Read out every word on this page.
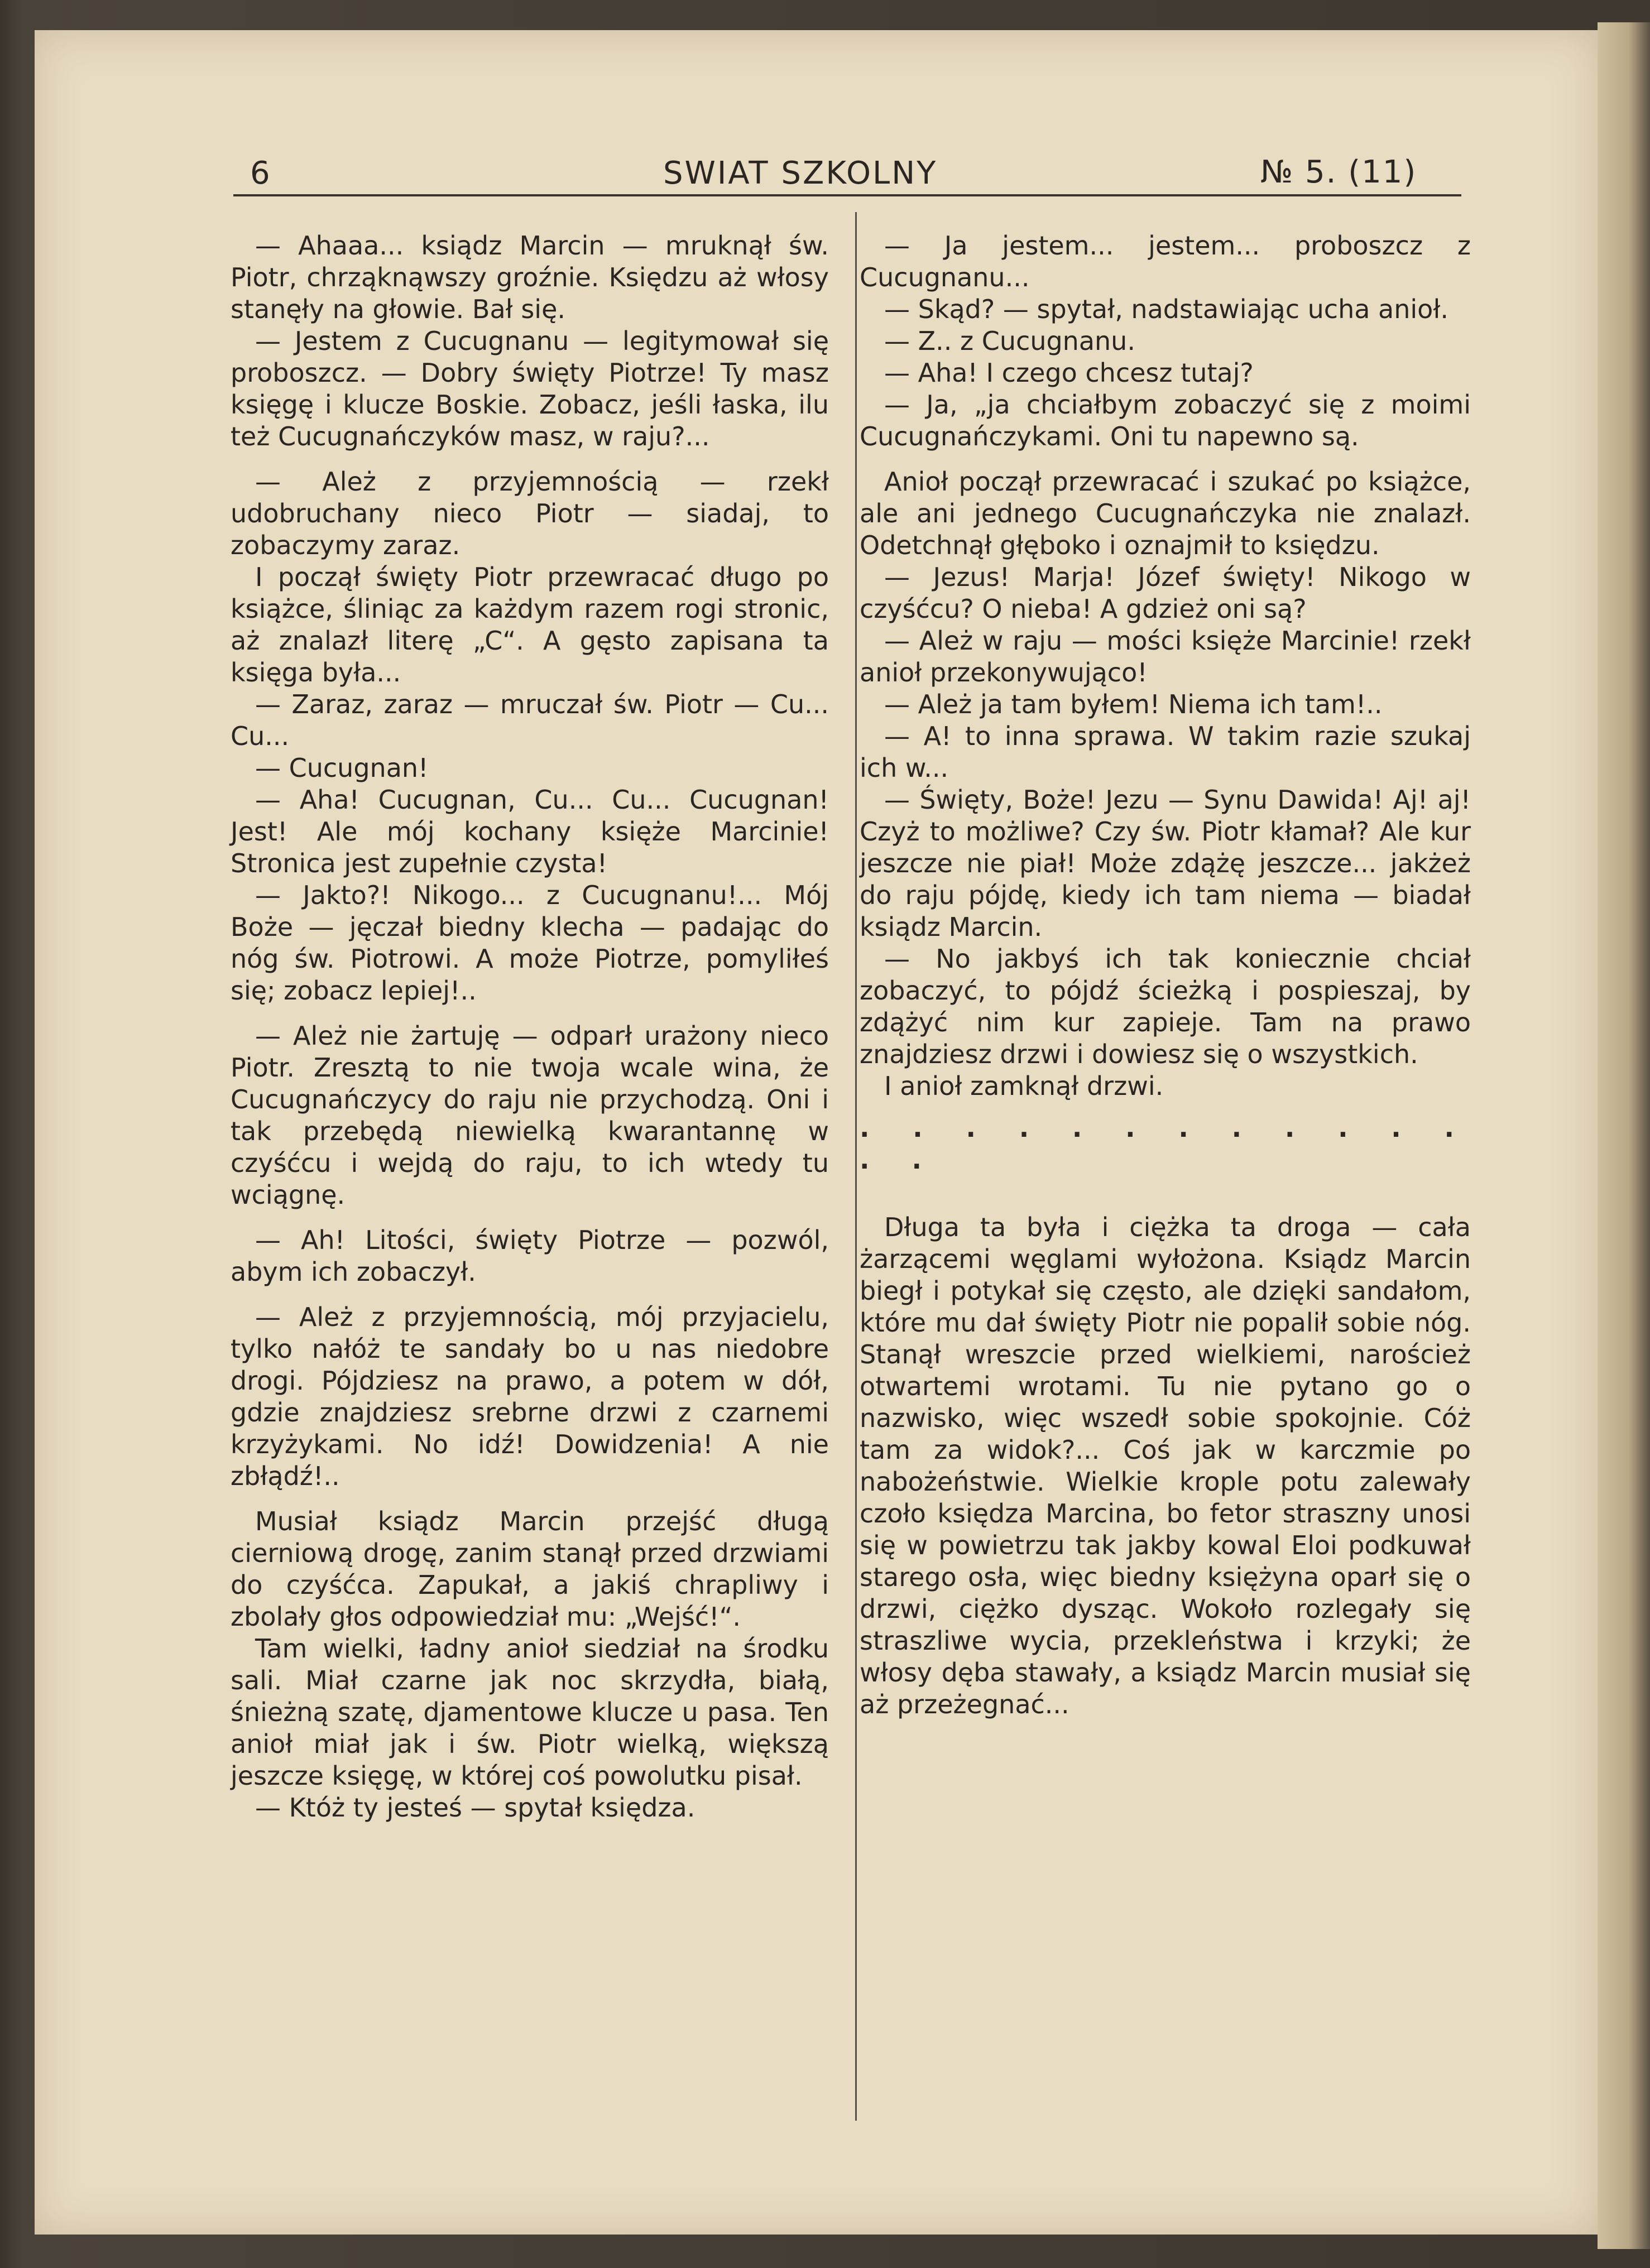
6	SWIAT SZKOLNY	№ 5. (11)

— Ahaaa... ksiądz Marcin — mruknął św. Piotr, chrząknąwszy groźnie. Księdzu aż włosy stanęły na głowie. Bał się.

— Jestem z Cucugnanu — legitymował się proboszcz. — Dobry święty Piotrze! Ty masz księgę i klucze Boskie. Zobacz, jeśli łaska, ilu też Cucugnańczyków masz, w raju?...

— Ależ z przyjemnością — rzekł udobruchany nieco Piotr — siadaj, to zobaczymy zaraz.

I począł święty Piotr przewracać długo po książce, śliniąc za każdym razem rogi stronic, aż znalazł literę „C“. A gęsto zapisana ta księga była...

— Zaraz, zaraz — mruczał św. Piotr — Cu... Cu...

— Cucugnan!

— Aha! Cucugnan, Cu... Cu... Cucugnan! Jest! Ale mój kochany księże Marcinie! Stronica jest zupełnie czysta!

— Jakto?! Nikogo... z Cucugnanu!... Mój Boże — jęczał biedny klecha — padając do nóg św. Piotrowi. A może Piotrze, pomyliłeś się; zobacz lepiej!..

— Ależ nie żartuję — odparł urażony nieco Piotr. Zresztą to nie twoja wcale wina, że Cucugnańczycy do raju nie przychodzą. Oni i tak przebędą niewielką kwarantannę w czyśćcu i wejdą do raju, to ich wtedy tu wciągnę.

— Ah! Litości, święty Piotrze — pozwól, abym ich zobaczył.

— Ależ z przyjemnością, mój przyjacielu, tylko nałóż te sandały bo u nas niedobre drogi. Pójdziesz na prawo, a potem w dół, gdzie znajdziesz srebrne drzwi z czarnemi krzyżykami. No idź! Dowidzenia! A nie zbłądź!..

Musiał ksiądz Marcin przejść długą cierniową drogę, zanim stanął przed drzwiami do czyśćca. Zapukał, a jakiś chrapliwy i zbolały głos odpowiedział mu: „Wejść!“.

Tam wielki, ładny anioł siedział na środku sali. Miał czarne jak noc skrzydła, białą, śnieżną szatę, djamentowe klucze u pasa. Ten anioł miał jak i św. Piotr wielką, większą jeszcze księgę, w której coś powolutku pisał.

— Któż ty jesteś — spytał księdza.

— Ja jestem... jestem... proboszcz z Cucugnanu...

— Skąd? — spytał, nadstawiając ucha anioł.

— Z.. z Cucugnanu.

— Aha! I czego chcesz tutaj?

— Ja, „ja chciałbym zobaczyć się z moimi Cucugnańczykami. Oni tu napewno są.

Anioł począł przewracać i szukać po książce, ale ani jednego Cucugnańczyka nie znalazł. Odetchnął głęboko i oznajmił to księdzu.

— Jezus! Marja! Józef święty! Nikogo w czyśćcu? O nieba! A gdzież oni są?

— Ależ w raju — mości księże Marcinie! rzekł anioł przekonywująco!

— Ależ ja tam byłem! Niema ich tam!..

— A! to inna sprawa. W takim razie szukaj ich w...

— Święty, Boże! Jezu — Synu Dawida! Aj! aj! Czyż to możliwe? Czy św. Piotr kłamał? Ale kur jeszcze nie piał! Może zdążę jeszcze... jakżeż do raju pójdę, kiedy ich tam niema — biadał ksiądz Marcin.

— No jakbyś ich tak koniecznie chciał zobaczyć, to pójdź ścieżką i pospieszaj, by zdążyć nim kur zapieje. Tam na prawo znajdziesz drzwi i dowiesz się o wszystkich.

I anioł zamknął drzwi.

. . . . . . . . . . . . . .

Długa ta była i ciężka ta droga — cała żarzącemi węglami wyłożona. Ksiądz Marcin biegł i potykał się często, ale dzięki sandałom, które mu dał święty Piotr nie popalił sobie nóg. Stanął wreszcie przed wielkiemi, naroścież otwartemi wrotami. Tu nie pytano go o nazwisko, więc wszedł sobie spokojnie. Cóż tam za widok?... Coś jak w karczmie po nabożeństwie. Wielkie krople potu zalewały czoło księdza Marcina, bo fetor straszny unosi się w powietrzu tak jakby kowal Eloi podkuwał starego osła, więc biedny księżyna oparł się o drzwi, ciężko dysząc. Wokoło rozlegały się straszliwe wycia, przekleństwa i krzyki; że włosy dęba stawały, a ksiądz Marcin musiał się aż przeżegnać...
